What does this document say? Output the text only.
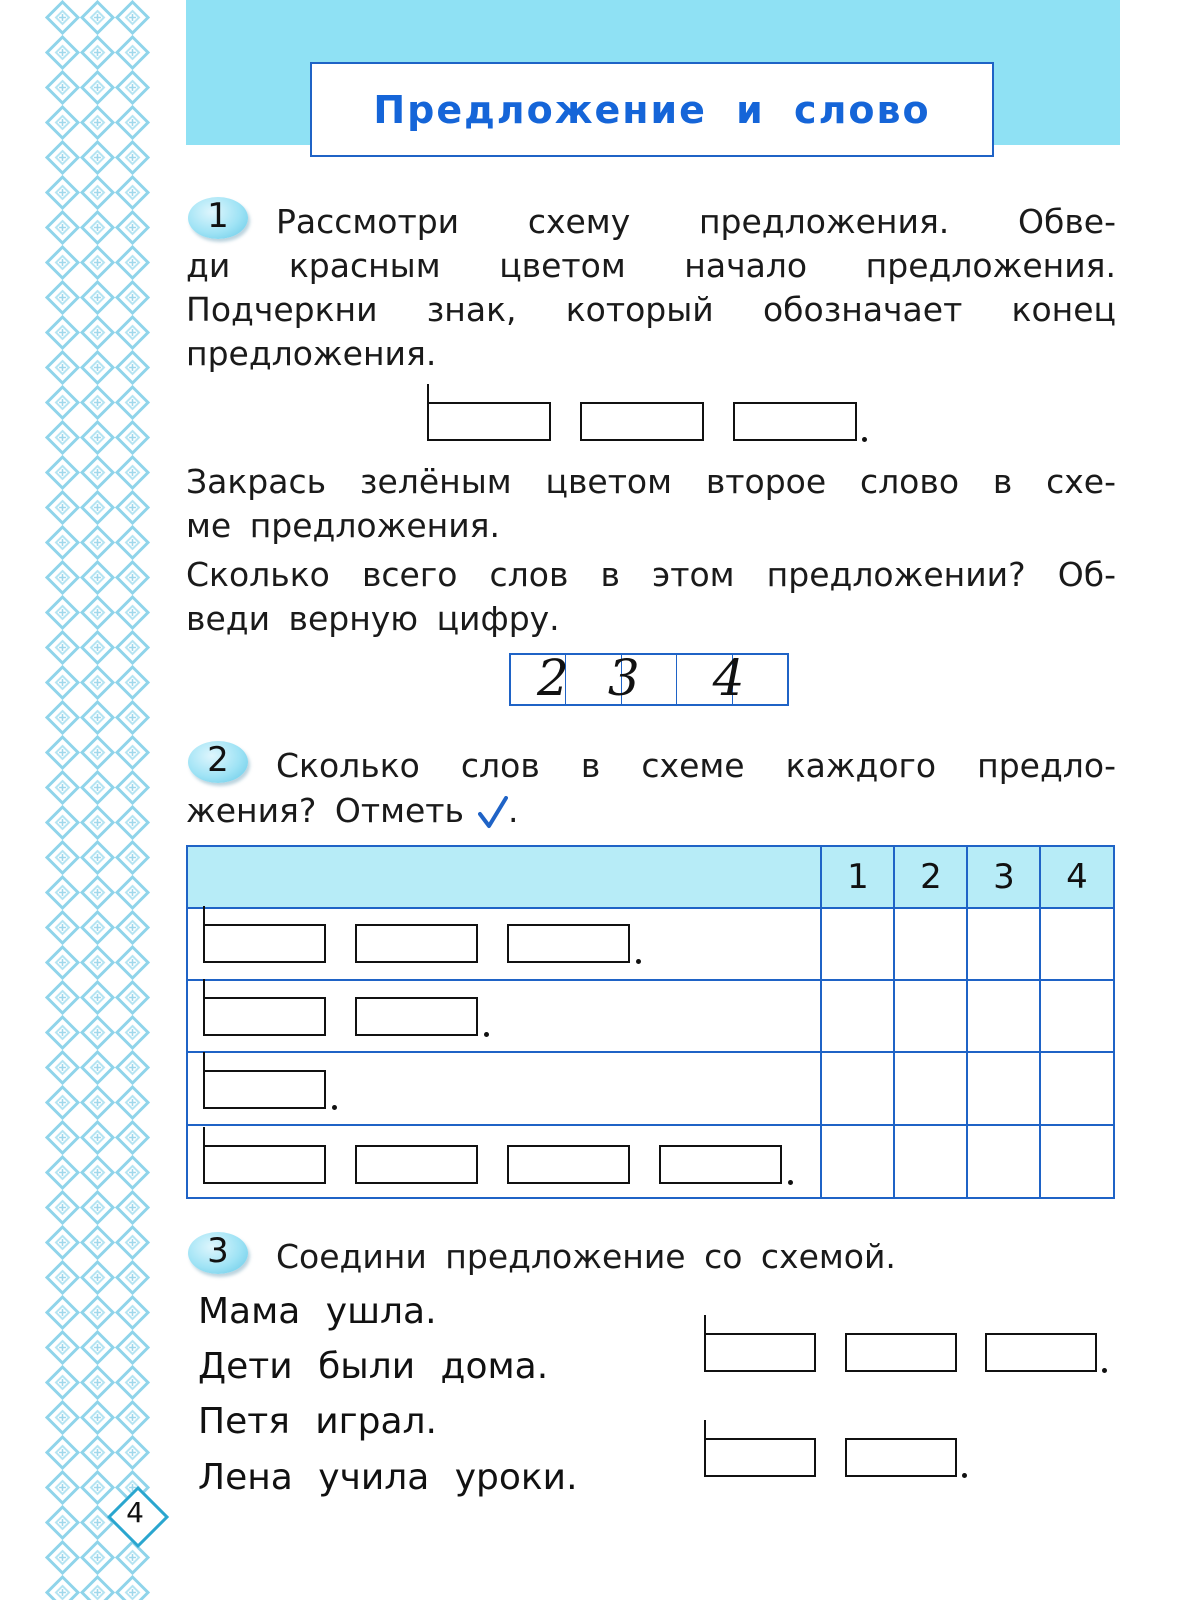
Предложение и слово
1	Рассмотри схему предложения. Обве-
ди красным цветом начало предложения.
Подчеркни знак, который обозначает конец
предложения.
Закрась зелёным цветом второе слово в схе-
ме предложения.
Сколько всего слов в этом предложении? Об-
веди верную цифру.
2 3 4
2	Сколько слов в схеме каждого предло-
жения? Отметь .
1	2	3	4
3	Соедини предложение со схемой.
Мама ушла.
Дети были дома.
Петя играл.
Лена учила уроки.
4
